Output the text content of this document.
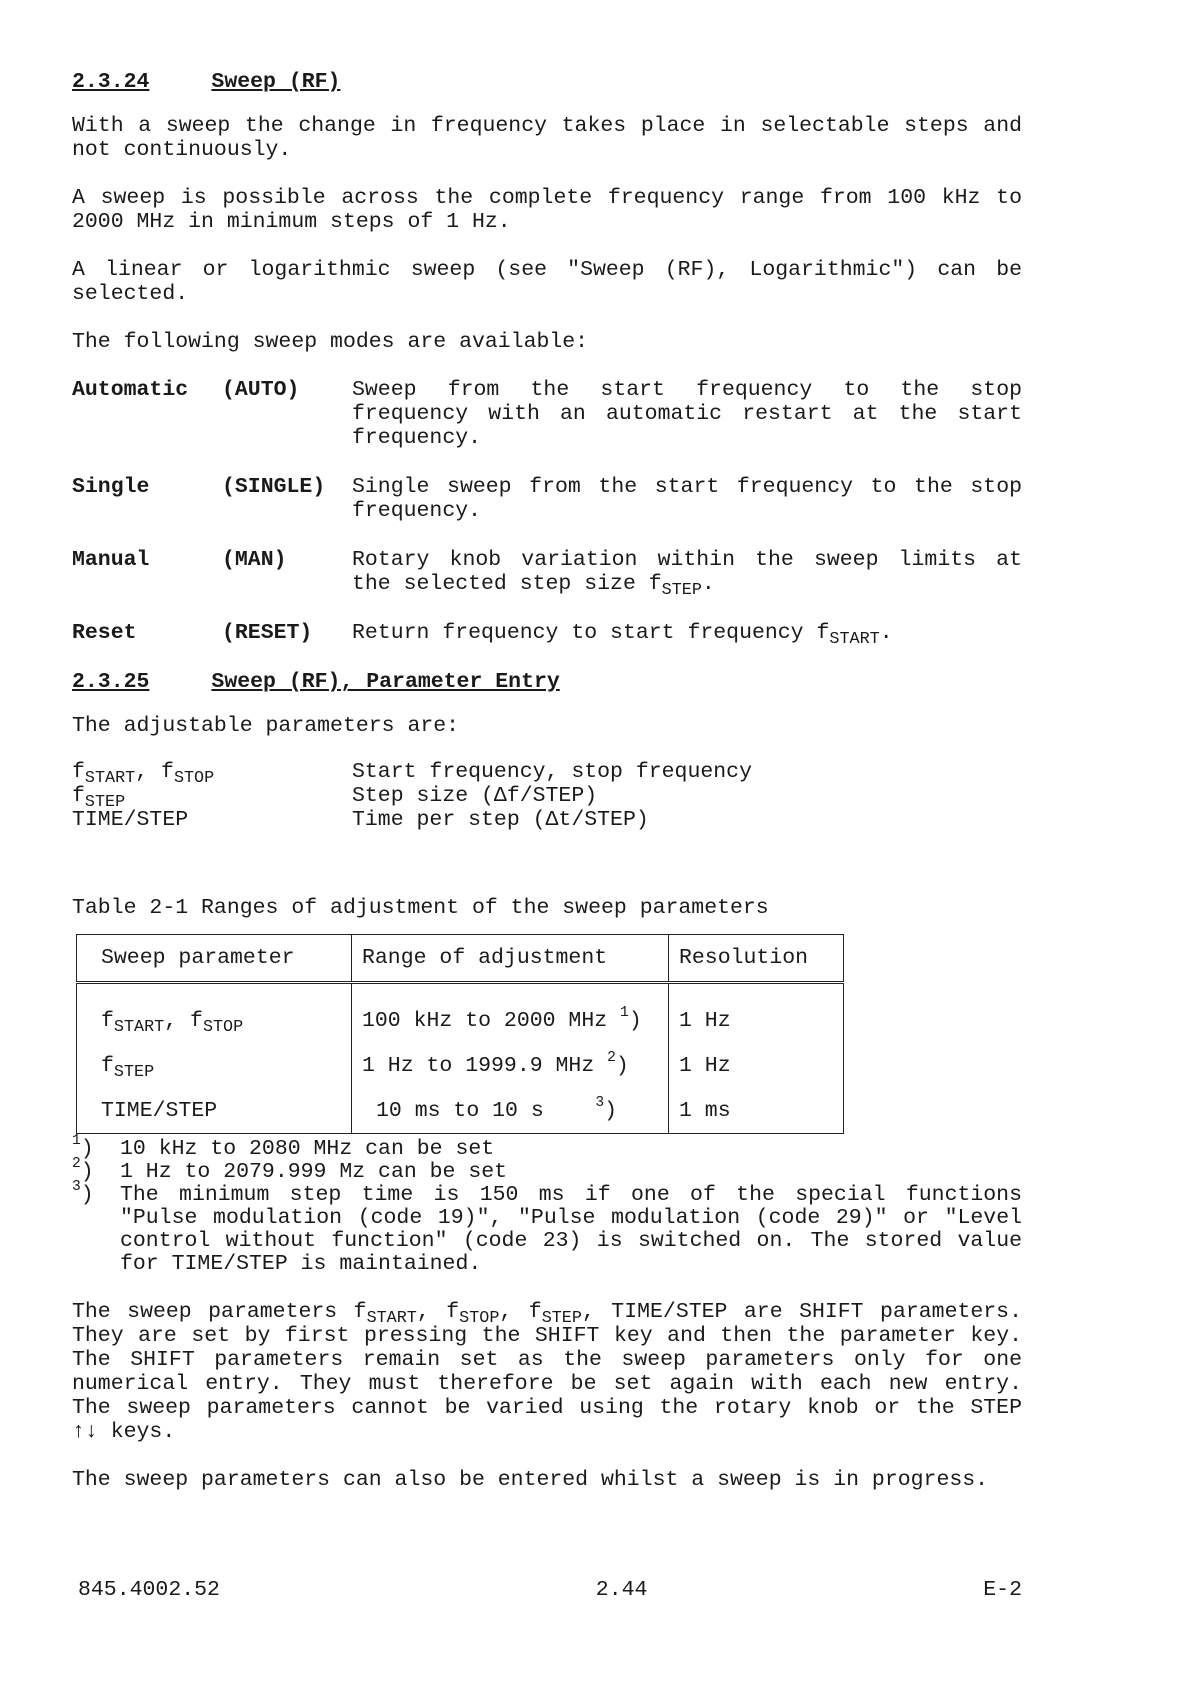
2.3.24	Sweep (RF)

With a sweep the change in frequency takes place in selectable steps and not continuously.

A sweep is possible across the complete frequency range from 100 kHz to 2000 MHz in minimum steps of 1 Hz.

A linear or logarithmic sweep (see "Sweep (RF), Logarithmic") can be selected.

The following sweep modes are available:

Automatic	(AUTO)	Sweep from the start frequency to the stop frequency with an automatic restart at the start frequency.
Single	(SINGLE)	Single sweep from the start frequency to the stop frequency.
Manual	(MAN)	Rotary knob variation within the sweep limits at the selected step size $f_{STEP}$.
Reset	(RESET)	Return frequency to start frequency $f_{START}$.
2.3.25	Sweep (RF), Parameter Entry

The adjustable parameters are:

$f_{START}$, $f_{STOP}$	Start frequency, stop frequency
$f_{STEP}$	Step size (Δf/STEP)
TIME/STEP	Time per step (Δt/STEP)

Table 2-1 Ranges of adjustment of the sweep parameters

Sweep parameter	Range of adjustment	Resolution
$f_{START}$, $f_{STOP}$	100 kHz to 2000 MHz $^1$)	1 Hz
$f_{STEP}$	1 Hz to 1999.9 MHz $^2$)	1 Hz
TIME/STEP	10 ms to 10 s    $^3$)	1 ms
$^1$)	10 kHz to 2080 MHz can be set
$^2$)	1 Hz to 2079.999 Mz can be set
$^3$)	The minimum step time is 150 ms if one of the special functions "Pulse modulation (code 19)", "Pulse modulation (code 29)" or "Level control without function" (code 23) is switched on. The stored value for TIME/STEP is maintained.

The sweep parameters $f_{START}$, $f_{STOP}$, $f_{STEP}$, TIME/STEP are SHIFT parameters. They are set by first pressing the SHIFT key and then the parameter key. The SHIFT parameters remain set as the sweep parameters only for one numerical entry. They must therefore be set again with each new entry. The sweep parameters cannot be varied using the rotary knob or the STEP ↑↓ keys.

The sweep parameters can also be entered whilst a sweep is in progress.

845.4002.52	2.44	E-2
